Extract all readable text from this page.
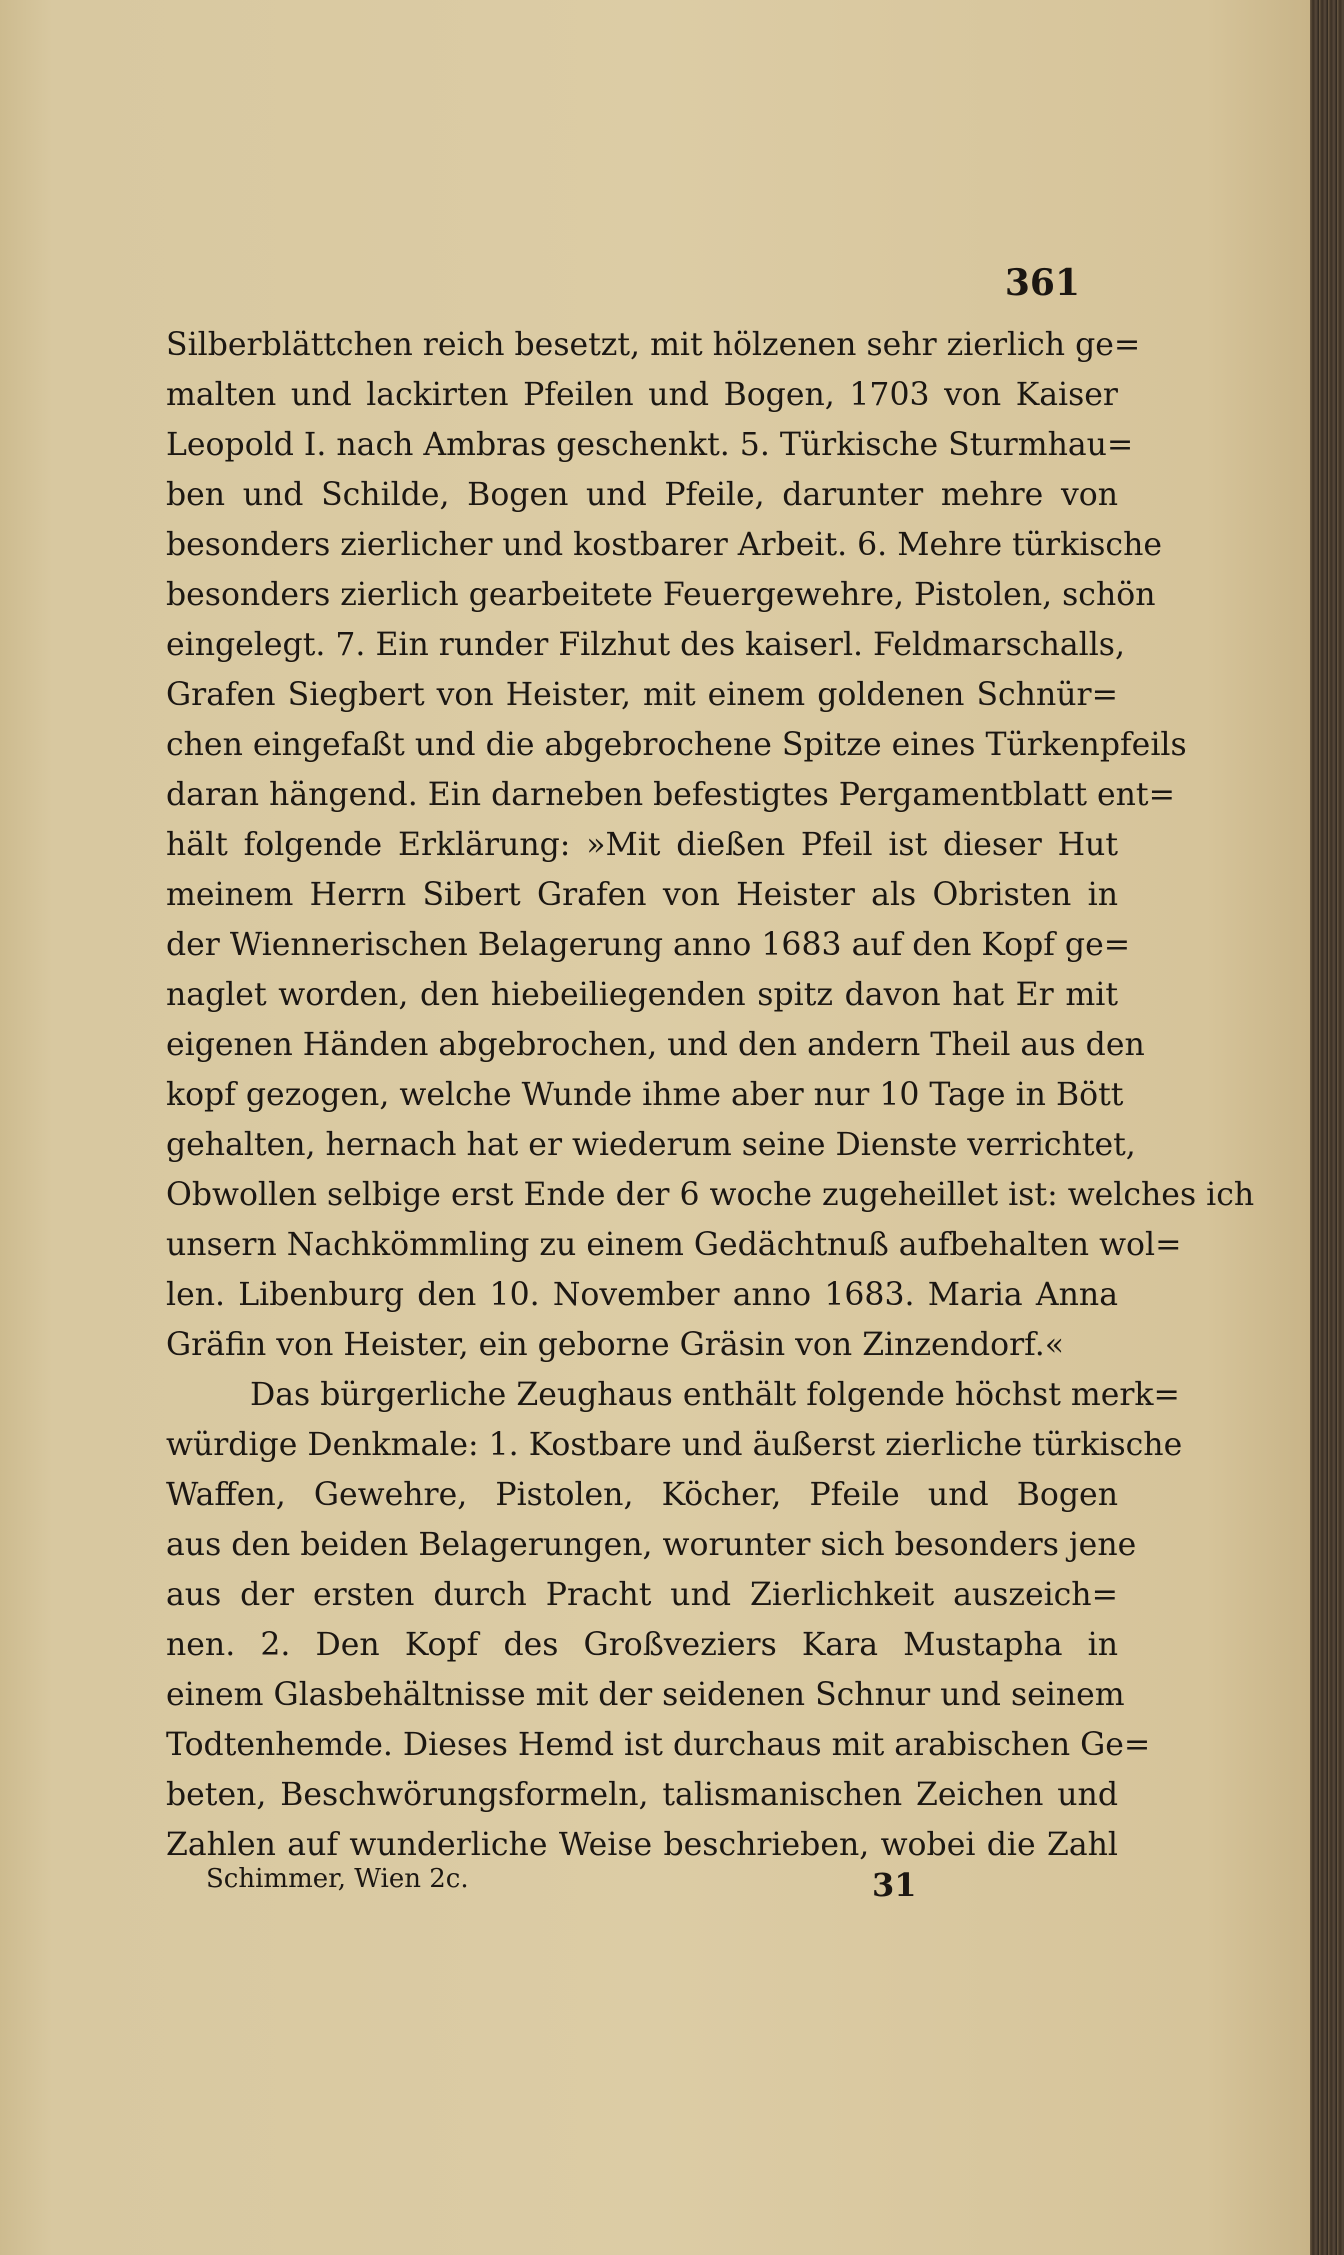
361
Silberblättchen reich besetzt, mit hölzenen sehr zierlich ge=
malten und lackirten Pfeilen und Bogen, 1703 von Kaiser
Leopold I. nach Ambras geschenkt. 5. Türkische Sturmhau=
ben und Schilde, Bogen und Pfeile, darunter mehre von
besonders zierlicher und kostbarer Arbeit. 6. Mehre türkische
besonders zierlich gearbeitete Feuergewehre, Pistolen, schön
eingelegt. 7. Ein runder Filzhut des kaiserl. Feldmarschalls,
Grafen Siegbert von Heister, mit einem goldenen Schnür=
chen eingefaßt und die abgebrochene Spitze eines Türkenpfeils
daran hängend. Ein darneben befestigtes Pergamentblatt ent=
hält folgende Erklärung: »Mit dießen Pfeil ist dieser Hut
meinem Herrn Sibert Grafen von Heister als Obristen in
der Wiennerischen Belagerung anno 1683 auf den Kopf ge=
naglet worden, den hiebeiliegenden spitz davon hat Er mit
eigenen Händen abgebrochen, und den andern Theil aus den
kopf gezogen, welche Wunde ihme aber nur 10 Tage in Bött
gehalten, hernach hat er wiederum seine Dienste verrichtet,
Obwollen selbige erst Ende der 6 woche zugeheillet ist: welches ich
unsern Nachkömmling zu einem Gedächtnuß aufbehalten wol=
len. Libenburg den 10. November anno 1683. Maria Anna
Gräfin von Heister, ein geborne Gräsin von Zinzendorf.«
Das bürgerliche Zeughaus enthält folgende höchst merk=
würdige Denkmale: 1. Kostbare und äußerst zierliche türkische
Waffen, Gewehre, Pistolen, Köcher, Pfeile und Bogen
aus den beiden Belagerungen, worunter sich besonders jene
aus der ersten durch Pracht und Zierlichkeit auszeich=
nen. 2. Den Kopf des Großveziers Kara Mustapha in
einem Glasbehältnisse mit der seidenen Schnur und seinem
Todtenhemde. Dieses Hemd ist durchaus mit arabischen Ge=
beten, Beschwörungsformeln, talismanischen Zeichen und
Zahlen auf wunderliche Weise beschrieben, wobei die Zahl
Schimmer, Wien 2c.	31
